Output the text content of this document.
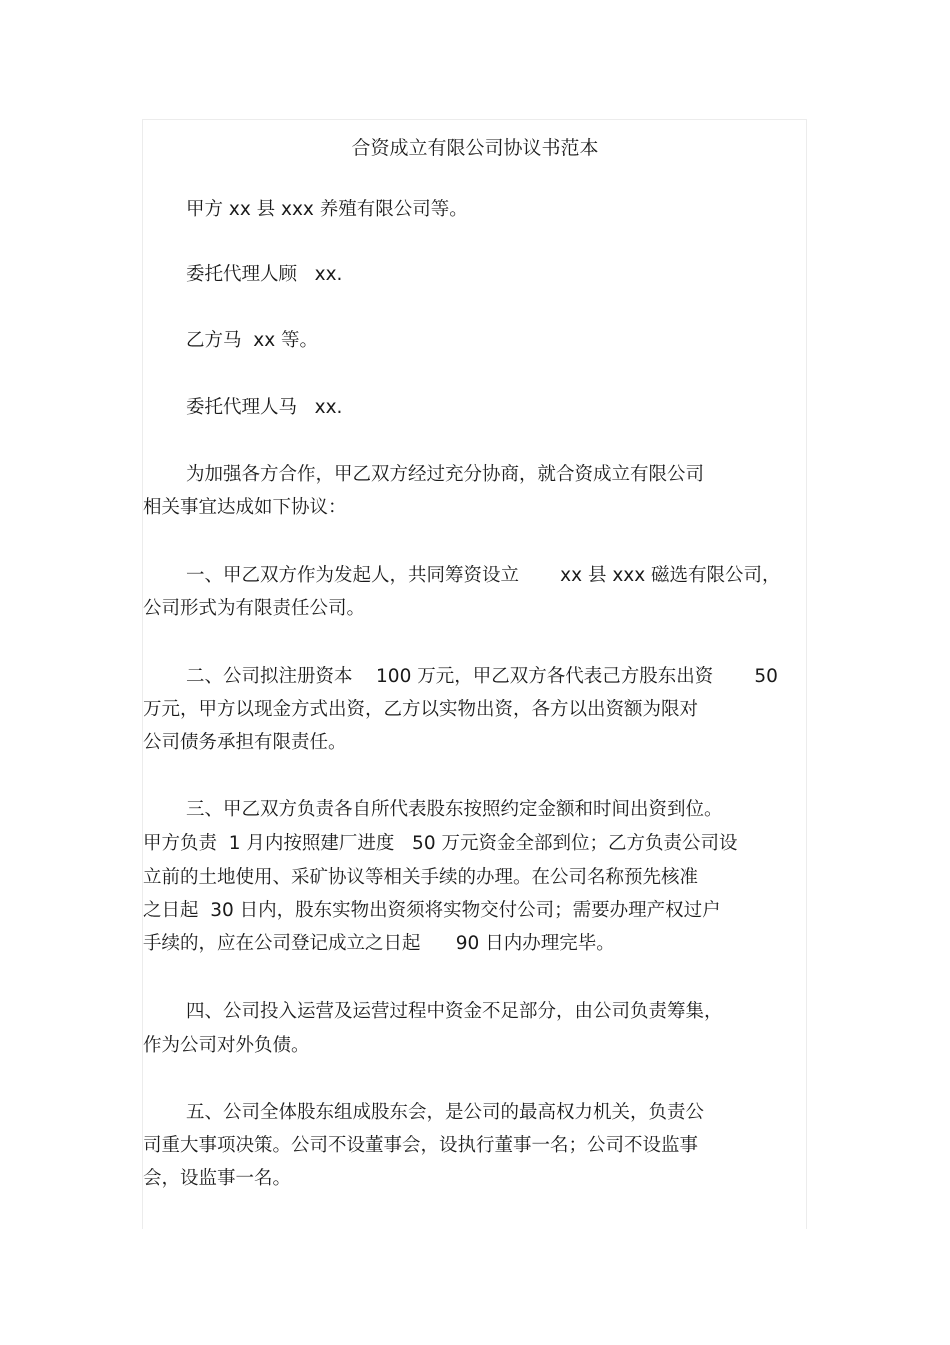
合资成立有限公司协议书范本
甲方 xx 县 xxx 养殖有限公司等。
委托代理人顾   xx.
乙方马  xx 等。
委托代理人马   xx.
为加强各方合作，甲乙双方经过充分协商，就合资成立有限公司
相关事宜达成如下协议：
一、甲乙双方作为发起人，共同筹资设立       xx 县 xxx 磁选有限公司，
公司形式为有限责任公司。
二、公司拟注册资本    100 万元，甲乙双方各代表己方股东出资       50
万元，甲方以现金方式出资，乙方以实物出资，各方以出资额为限对
公司债务承担有限责任。
三、甲乙双方负责各自所代表股东按照约定金额和时间出资到位。
甲方负责  1 月内按照建厂进度   50 万元资金全部到位；乙方负责公司设
立前的土地使用、采矿协议等相关手续的办理。在公司名称预先核准
之日起  30 日内，股东实物出资须将实物交付公司；需要办理产权过户
手续的，应在公司登记成立之日起      90 日内办理完毕。
四、公司投入运营及运营过程中资金不足部分，由公司负责筹集，
作为公司对外负债。
五、公司全体股东组成股东会，是公司的最高权力机关，负责公
司重大事项决策。公司不设董事会，设执行董事一名；公司不设监事
会，设监事一名。
